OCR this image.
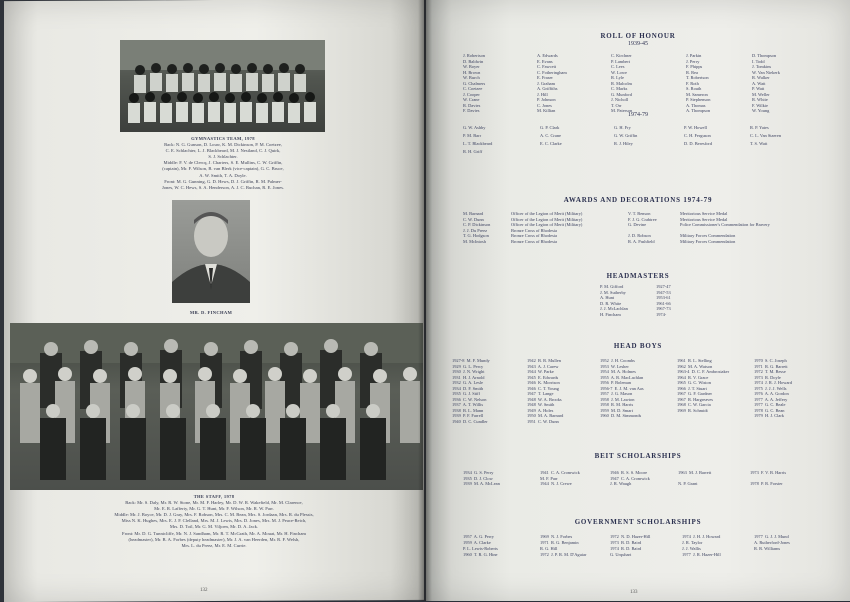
GYMNASTICS TEAM, 1978
Back: N. G. Gunson, D. Louw, K. M. Dickinson, P. M. Coetzee,
C. E. Schlachter, L. J. Blackbeard, M. J. Nestland, C. J. Quirk,
S. J. Schlachter.
Middle: F. V. de Clercq, J. Charters, S. E. Mullins, C. W. Griffin,
(captain), Mr. F. Wilson, B. van Blerk (vice-captain), G. C. Bruce,
A. W. Smith, T. A. Doyle.
Front: M. G. Gunning, G. D. Hews, D. J. Griffin, R. M. Palmer-
Jones, W. C. Hews, S. A. Henderson, A. J. C. Buchan, R. E. Jones.
MR. D. FINCHAM
THE STAFF, 1978
Back: Mr. S. Daly, Mr. R. W. Stone, Mr. M. F. Harley, Mr. D. W. R. Wakefield, Mr. M. Clarence,
Mr. E. R. Lafferty, Mr. G. T. Hunt, Mr. F. Wilson, Mr. R. W. Parr.
Middle: Mr. J. Boyce, Mr. D. J. Gray, Mrs. F. Robson, Mrs. C. M. Bean, Mrs. S. Jordaan, Mrs. R. du Plessis,
Miss N. K. Hughes, Mrs. E. J. F. Clelland, Mrs. M. J. Lewis, Mrs. D. Jones, Mrs. M. J. Peace-Reich,
Mrs. D. Toil, Mr. G. M. Viljoen, Mr. D. A. Jack.
Front: Mr. D. G. Tunnicliffe, Mr. N. J. Sandham, Mr. R. T. McGrath, Mr. A. Mouat, Mr. H. Fincham
(headmaster), Mr. B. A. Forbes (deputy headmaster), Mr. J. A. van Heerden, Mr. R. F. Welsh,
Mrs. L. du Preez, Mr. E. M. Currie.
132
ROLL OF HONOUR
1939-45
J. Robertson
D. Baldwin
W. Boyer
H. Brown
W. Burch
G. Chalmers
C. Coetzee
J. Cooper
W. Crane
R. Davies
F. Davies
A. Edwards
E. Evans
C. Fawcett
C. Fotheringham
E. Fraser
J. Graham
A. Griffiths
J. Hill
P. Johnson
C. Jones
M. Killian
C. Kirchner
P. Lambert
C. Lees
W. Lowe
R. Lyle
R. Malcolm
C. Marks
G. Munford
J. Nicholl
T. Orr
M. Paterson
J. Parkin
J. Perry
F. Phipps
R. Rea
T. Robertson
F. Roth
S. Routh
M. Sameron
P. Stephenson
A. Thomas
A. Thompson
D. Thompson
I. Todd
J. Tomkins
W. Van Niekerk
R. Walker
A. Watt
P. Watt
M. Weller
R. White
F. Wilkie
W. Young
1974-79
G. W. Ashby
P. M. Barr
L. T. Blackbeard
R. H. Griff
G. P. Clark
A. C. Crane
E. C. Clarke
G. H. Fry
G. W. Griffin
R. J. Hiley
P. W. Howell
C. H. Ferguson
D. D. Beresford
R. P. Yates
C. L. Van Staeren
T. S. Watt
AWARDS AND DECORATIONS 1974-79
M. Barnard
C. W. Dunn
C. P. Dickinson
J. J. Du Preez
T. G. Hodgson
M. McIntosh
Officer of the Legion of Merit (Military)
Officer of the Legion of Merit (Military)
Officer of the Legion of Merit (Military)
Bronze Cross of Rhodesia
Bronze Cross of Rhodesia
Bronze Cross of Rhodesia
V. T. Benson
F. J. G. Crabtree
G. Devine

J. D. Robson
R. A. Pashfield
Meritorious Service Medal
Meritorious Service Medal
Police Commissioner's Commendation for Bravery

Military Forces Commendation
Military Forces Commendation
HEADMASTERS
P. M. Gifford
J. M. Sutherby
A. Hunt
D. R. White
J. J. McLachlan
H. Fincham
1927-47
1947-53
1953-61
1961-66
1967-73
1974-
HEAD BOYS
1927-8  M. F. Mundy
1929  G. L. Percy
1930  J. N. Wright
1931  H. J. Arnold
1932  G. A. Lesle
1934  D. F. Smith
1935  G. J. Stiff
1936  C. W. Nelson
1937  A. T. Willis
1938  B. L. Mann
1939  P. F. Farrell
1940  D. C. Cundler
1942  B. R. Mullen
1943  A. J. Carew
1944  W. Parke
1945  E. Edwards
1946  K. Morrison
1946  C. T. Young
1947  T. Lange
1948  W. A. Brooks
1948  W. Smith
1949  A. Holes
1950  M. A. Barnard
1951  C. W. Dunn
1952  J. H. Coombs
1953  W. Lesher
1954  M. A. Holmes
1955  A. R. MacLachlan
1956  P. Boleman
1956-7  E. J. M. van Aas
1957  J. G. Mason
1958  J. M. Lawton
1958  R. M. Harris
1959  M. D. Smart
1960  D. M. Simmonds
1961  R. L. Stelling
1962  M. A. Watson
1963-4  D. C. F. Ambrosiaker
1964  R. V. Grace
1965  G. C. Wiston
1966  J. T. Stuart
1967  G. F. Gardner
1967  R. Hargreaves
1968  C. W. Garcia
1969  R. Schmidt
1970  S. C. Joseph
1971  R. G. Barrett
1972  T. M. Besse
1973  R. Doyle
1974  J. R. J. Howard
1975  J. J. J. Wells
1976  A. A. Gordon
1977  A. A. Jeffery
1977  G. C. Beale
1978  G. C. Bean
1979  H. J. Clark
BEIT SCHOLARSHIPS
1934  G. S. Perry
1935  D. J. Clow
1939  M. A. McLean
1941  C. A. Cromwick
M. F. Parr
1944  N. J. Crewe
1946  R. S. S. Moore
1947  C. A. Cromwick
J. R. Waugh
1963  M. J. Barrett

N. P. Grant
1973  F. V. B. Harris

1978  P. R. Forster
GOVERNMENT SCHOLARSHIPS
1957  A. G. Perry
1959  A. Clarke
P. L. Lewis-Roberts
1960  T. R. G. Hine
1969  N. J. Forbes
1971  R. G. Benjamin
R. G. Hill
1972  J. P. R. M. D'Aguiar
1972  N. D. Hazer-Hill
1973  B. D. Baird
1974  R. D. Baird
G. Urquhart
1974  J. H. J. Howard
J. R. Taylor
J. J. Wallis
1977  J. R. Hazer-Hill
1977  G. J. J. Mund
A. Rutherford-Jones
R. R. Williams
133
